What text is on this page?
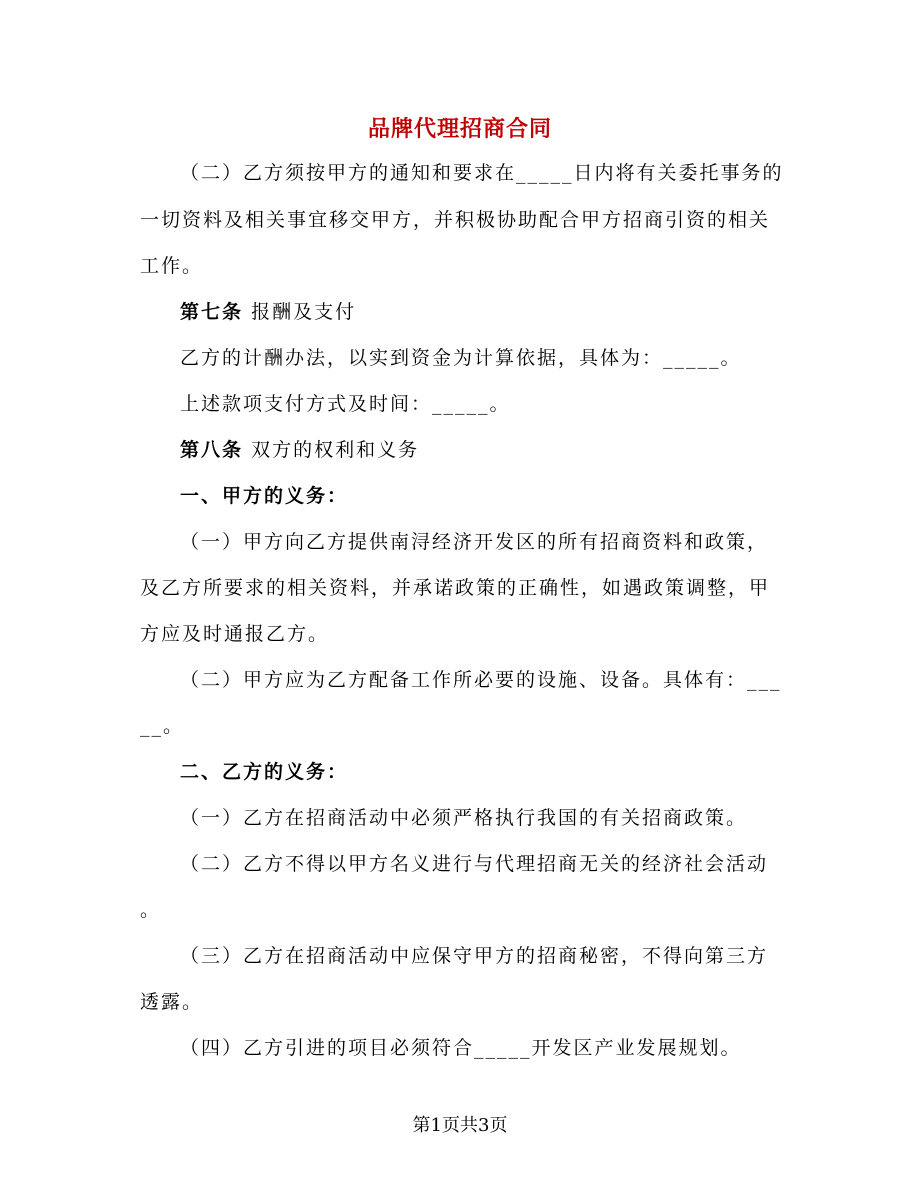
品牌代理招商合同
（二）乙方须按甲方的通知和要求在_____日内将有关委托事务的
一切资料及相关事宜移交甲方，并积极协助配合甲方招商引资的相关
工作。
第七条 报酬及支付
乙方的计酬办法，以实到资金为计算依据，具体为：_____。
上述款项支付方式及时间：_____。
第八条 双方的权利和义务
一、甲方的义务：
（一）甲方向乙方提供南浔经济开发区的所有招商资料和政策，
及乙方所要求的相关资料，并承诺政策的正确性，如遇政策调整，甲
方应及时通报乙方。
（二）甲方应为乙方配备工作所必要的设施、设备。具体有：___
__。
二、乙方的义务：
（一）乙方在招商活动中必须严格执行我国的有关招商政策。
（二）乙方不得以甲方名义进行与代理招商无关的经济社会活动
。
（三）乙方在招商活动中应保守甲方的招商秘密，不得向第三方
透露。
（四）乙方引进的项目必须符合_____开发区产业发展规划。
第1页共3页
